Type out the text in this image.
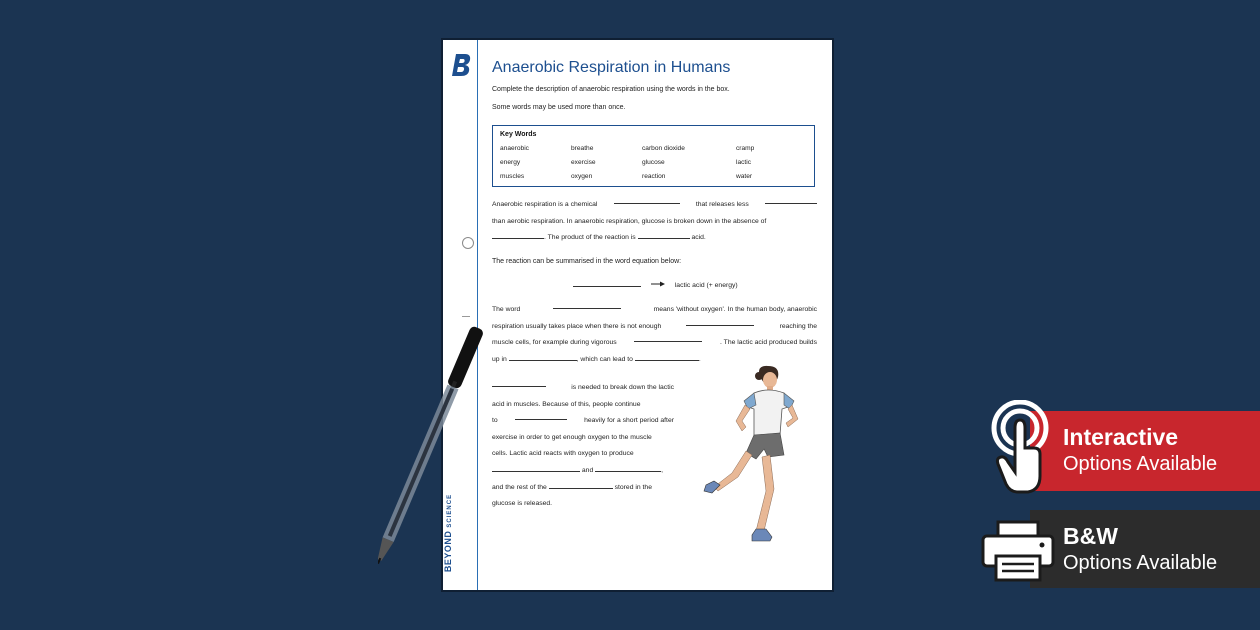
BEYOND SCIENCE
Anaerobic Respiration in Humans
Complete the description of anaerobic respiration using the words in the box.
Some words may be used more than once.
Key Words
anaerobic	breathe	carbon dioxide	cramp
energy	exercise	glucose	lactic
muscles	oxygen	reaction	water
Anaerobic respiration is a chemical	that releases less
than aerobic respiration. In anaerobic respiration, glucose is broken down in the absence of
. The product of the reaction is	acid.
The reaction can be summarised in the word equation below:
lactic acid (+ energy)
The word	means 'without oxygen'. In the human body, anaerobic
respiration usually takes place when there is not enough	reaching the
muscle cells, for example during vigorous	. The lactic acid produced builds
up in	, which can lead to	.
is needed to break down the lactic
acid in muscles. Because of this, people continue
to	heavily for a short period after
exercise in order to get enough oxygen to the muscle
cells. Lactic acid reacts with oxygen to produce
and	,
and the rest of the	stored in the
glucose is released.
Interactive
Options Available
B&W
Options Available
